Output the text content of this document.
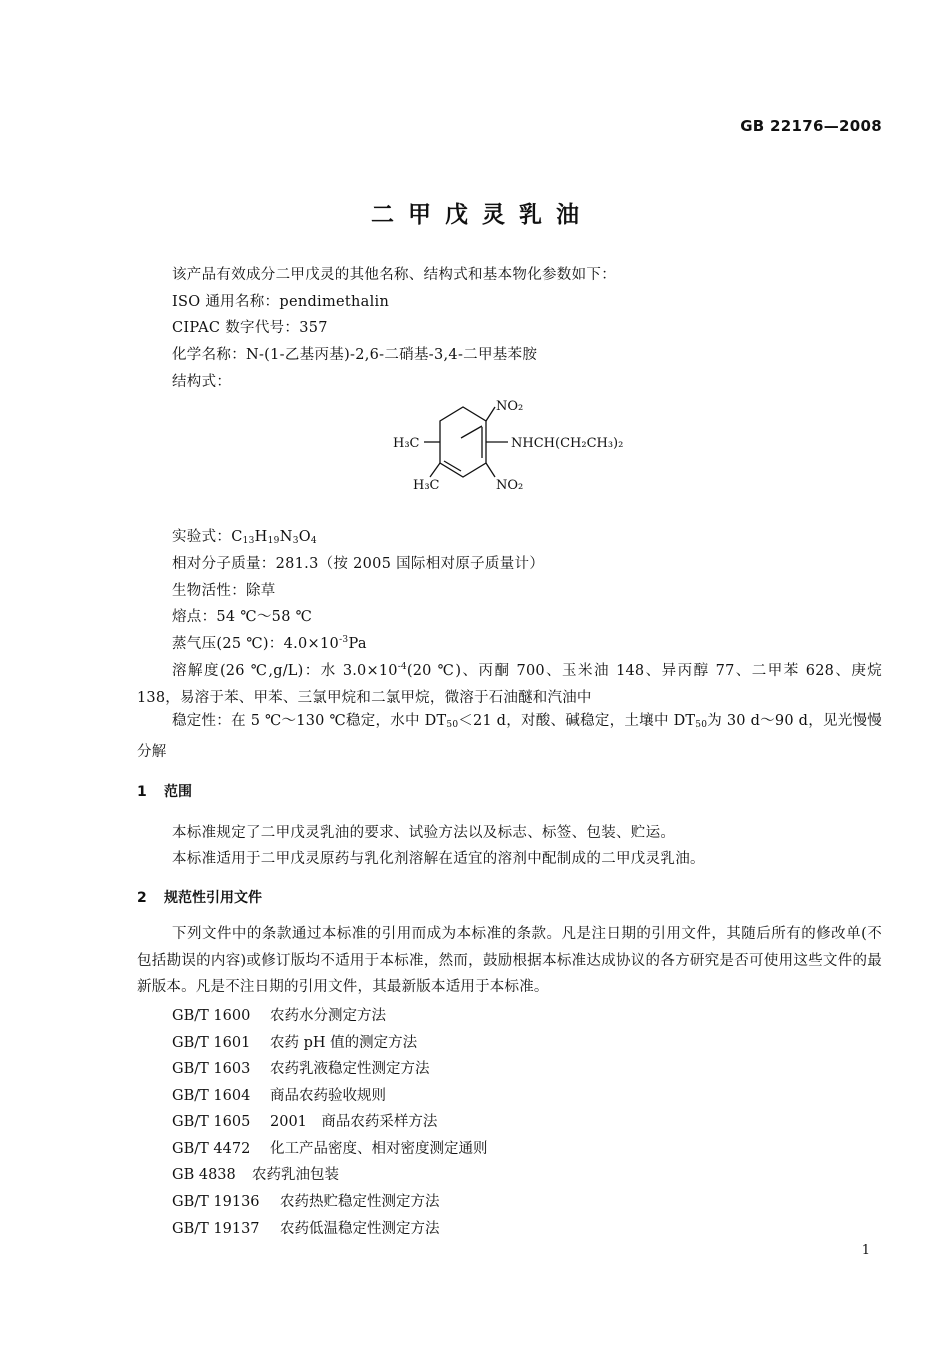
GB 22176—2008
二甲戊灵乳油
该产品有效成分二甲戊灵的其他名称、结构式和基本物化参数如下：
ISO 通用名称：pendimethalin
CIPAC 数字代号：357
化学名称：N-(1-乙基丙基)-2,6-二硝基-3,4-二甲基苯胺
结构式：
NO₂
NHCH(CH₂CH₃)₂
NO₂
H₃C
H₃C
实验式：$C_{13}H_{19}N_3O_4$
相对分子质量：281.3（按 2005 国际相对原子质量计）
生物活性：除草
熔点：54 ℃～58 ℃
蒸气压(25 ℃)：$4.0\times 10^{-3}Pa$
溶解度(26 ℃,g/L)：水 $3.0\times 10^{-4}(20$ ℃)、丙酮 700、玉米油 148、异丙醇 77、二甲苯 628、庚烷 138，易溶于苯、甲苯、三氯甲烷和二氯甲烷，微溶于石油醚和汽油中
稳定性：在 5 ℃～130 ℃稳定，水中 $DT_{50}<21$ d，对酸、碱稳定，土壤中 $DT_{50}$为 30 d～90 d，见光慢慢分解
1 范围
本标准规定了二甲戊灵乳油的要求、试验方法以及标志、标签、包装、贮运。
本标准适用于二甲戊灵原药与乳化剂溶解在适宜的溶剂中配制成的二甲戊灵乳油。
2 规范性引用文件
下列文件中的条款通过本标准的引用而成为本标准的条款。凡是注日期的引用文件，其随后所有的修改单(不包括勘误的内容)或修订版均不适用于本标准，然而，鼓励根据本标准达成协议的各方研究是否可使用这些文件的最新版本。凡是不注日期的引用文件，其最新版本适用于本标准。
GB/T 1600 农药水分测定方法
GB/T 1601 农药 pH 值的测定方法
GB/T 1603 农药乳液稳定性测定方法
GB/T 1604 商品农药验收规则
GB/T 1605 2001　商品农药采样方法
GB/T 4472 化工产品密度、相对密度测定通则
GB 4838 农药乳油包装
GB/T 19136 农药热贮稳定性测定方法
GB/T 19137 农药低温稳定性测定方法
1
